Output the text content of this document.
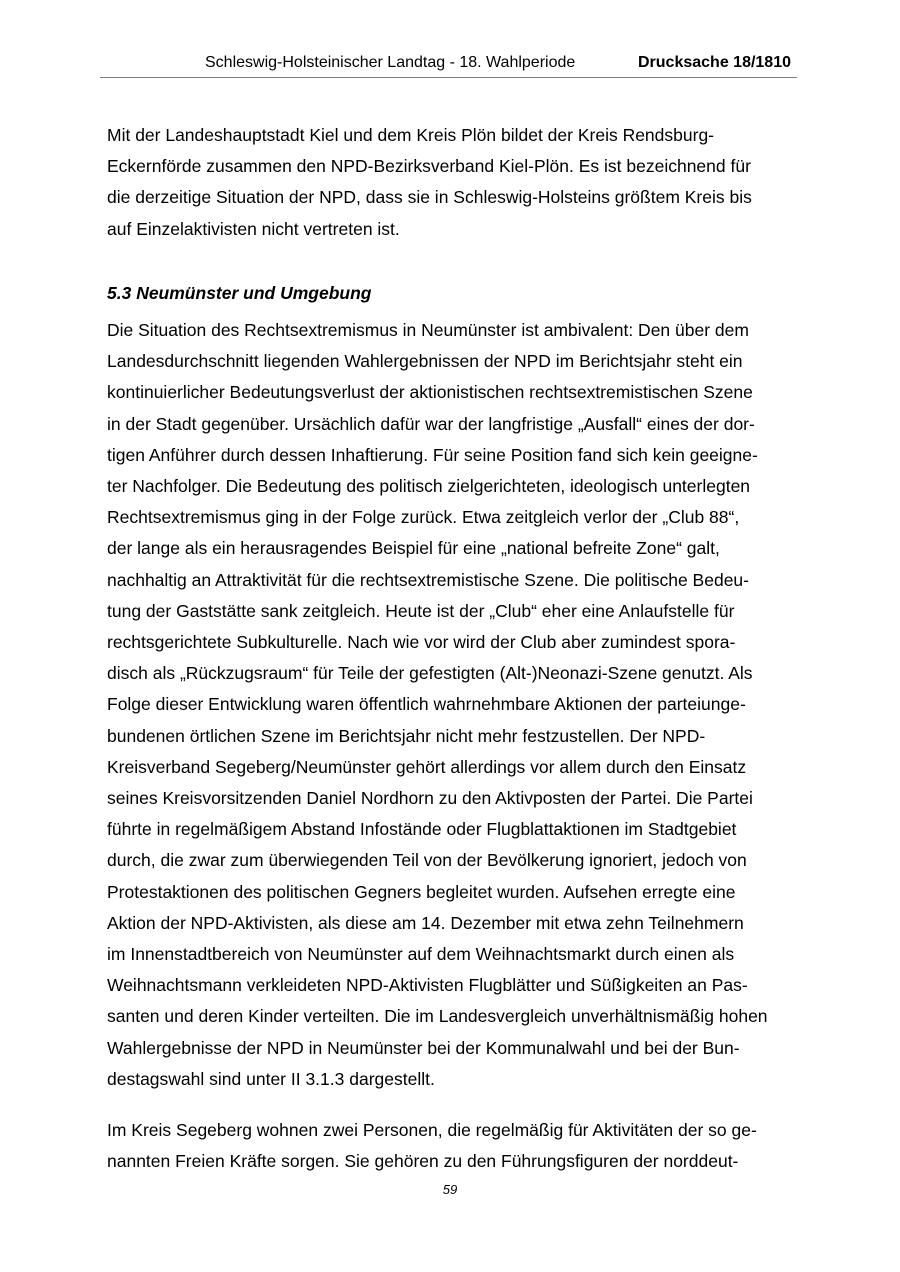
Schleswig-Holsteinischer Landtag - 18. Wahlperiode	Drucksache 18/1810

Mit der Landeshauptstadt Kiel und dem Kreis Plön bildet der Kreis Rendsburg-
Eckernförde zusammen den NPD-Bezirksverband Kiel-Plön. Es ist bezeichnend für
die derzeitige Situation der NPD, dass sie in Schleswig-Holsteins größtem Kreis bis
auf Einzelaktivisten nicht vertreten ist.

5.3 Neumünster und Umgebung

Die Situation des Rechtsextremismus in Neumünster ist ambivalent: Den über dem
Landesdurchschnitt liegenden Wahlergebnissen der NPD im Berichtsjahr steht ein
kontinuierlicher Bedeutungsverlust der aktionistischen rechtsextremistischen Szene
in der Stadt gegenüber. Ursächlich dafür war der langfristige „Ausfall“ eines der dor-
tigen Anführer durch dessen Inhaftierung. Für seine Position fand sich kein geeigne-
ter Nachfolger. Die Bedeutung des politisch zielgerichteten, ideologisch unterlegten
Rechtsextremismus ging in der Folge zurück. Etwa zeitgleich verlor der „Club 88“,
der lange als ein herausragendes Beispiel für eine „national befreite Zone“ galt,
nachhaltig an Attraktivität für die rechtsextremistische Szene. Die politische Bedeu-
tung der Gaststätte sank zeitgleich. Heute ist der „Club“ eher eine Anlaufstelle für
rechtsgerichtete Subkulturelle. Nach wie vor wird der Club aber zumindest spora-
disch als „Rückzugsraum“ für Teile der gefestigten (Alt-)Neonazi-Szene genutzt. Als
Folge dieser Entwicklung waren öffentlich wahrnehmbare Aktionen der parteiunge-
bundenen örtlichen Szene im Berichtsjahr nicht mehr festzustellen. Der NPD-
Kreisverband Segeberg/Neumünster gehört allerdings vor allem durch den Einsatz
seines Kreisvorsitzenden Daniel Nordhorn zu den Aktivposten der Partei. Die Partei
führte in regelmäßigem Abstand Infostände oder Flugblattaktionen im Stadtgebiet
durch, die zwar zum überwiegenden Teil von der Bevölkerung ignoriert, jedoch von
Protestaktionen des politischen Gegners begleitet wurden. Aufsehen erregte eine
Aktion der NPD-Aktivisten, als diese am 14. Dezember mit etwa zehn Teilnehmern
im Innenstadtbereich von Neumünster auf dem Weihnachtsmarkt durch einen als
Weihnachtsmann verkleideten NPD-Aktivisten Flugblätter und Süßigkeiten an Pas-
santen und deren Kinder verteilten. Die im Landesvergleich unverhältnismäßig hohen
Wahlergebnisse der NPD in Neumünster bei der Kommunalwahl und bei der Bun-
destagswahl sind unter II 3.1.3 dargestellt.

Im Kreis Segeberg wohnen zwei Personen, die regelmäßig für Aktivitäten der so ge-
nannten Freien Kräfte sorgen. Sie gehören zu den Führungsfiguren der norddeut-

59
